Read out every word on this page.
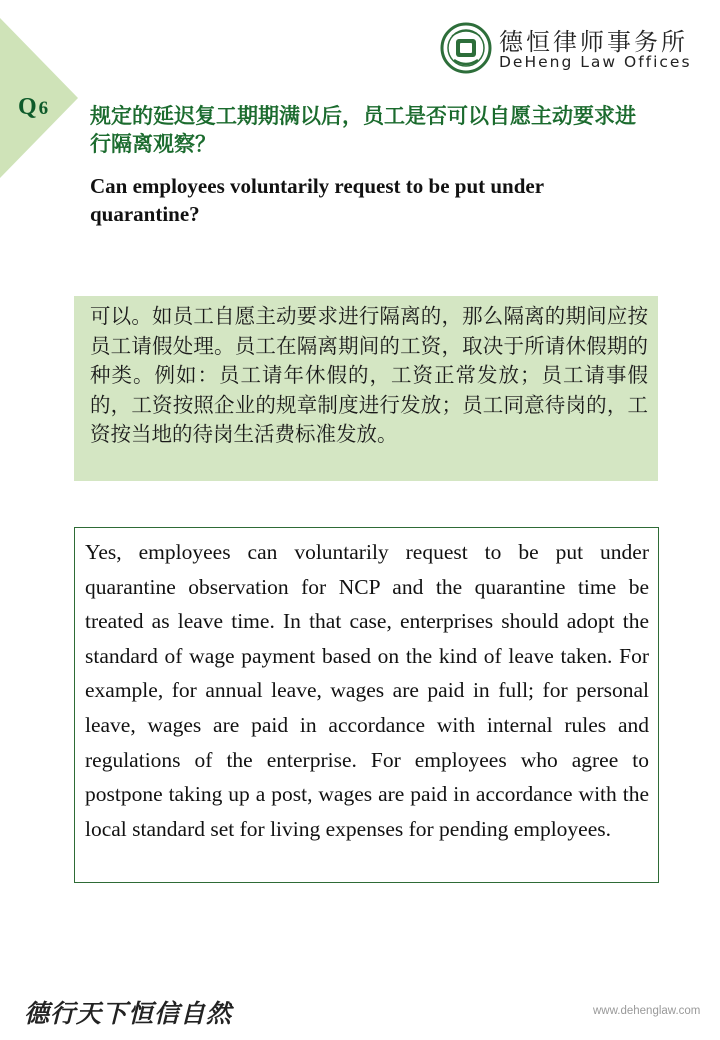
Q 6
德恒律师事务所
DeHeng Law Offices
规定的延迟复工期期满以后，员工是否可以自愿主动要求进行隔离观察？
Can employees voluntarily request to be put under quarantine?
可以。如员工自愿主动要求进行隔离的，那么隔离的期间应按员工请假处理。员工在隔离期间的工资，取决于所请休假期的种类。例如：员工请年休假的，工资正常发放；员工请事假的，工资按照企业的规章制度进行发放；员工同意待岗的，工资按当地的待岗生活费标准发放。
Yes, employees can voluntarily request to be put under quarantine observation for NCP and the quarantine time be treated as leave time. In that case, enterprises should adopt the standard of wage payment based on the kind of leave taken. For example, for annual leave, wages are paid in full; for personal leave, wages are paid in accordance with internal rules and regulations of the enterprise. For employees who agree to postpone taking up a post, wages are paid in accordance with the local standard set for living expenses for pending employees.
德行天下恒信自然	www.dehenglaw.com
